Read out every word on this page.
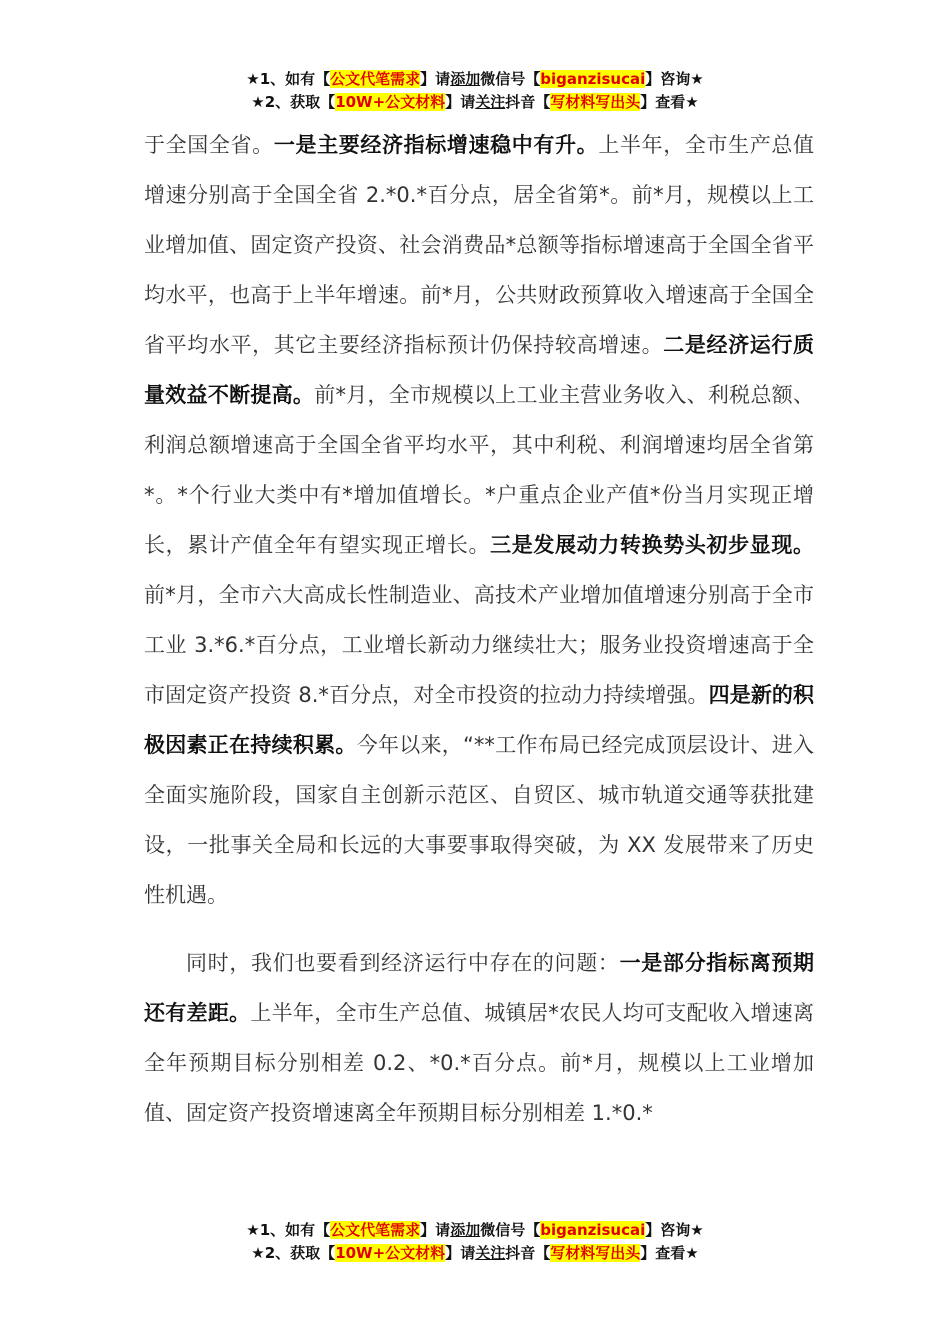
★1、如有【公文代笔需求】请添加微信号【biganzisucai】咨询★
★2、获取【10W+公文材料】请关注抖音【写材料写出头】查看★

于全国全省。一是主要经济指标增速稳中有升。上半年，全市生产总值增速分别高于全国全省 2.*0.*百分点，居全省第*。前*月，规模以上工业增加值、固定资产投资、社会消费品*总额等指标增速高于全国全省平均水平，也高于上半年增速。前*月，公共财政预算收入增速高于全国全省平均水平，其它主要经济指标预计仍保持较高增速。二是经济运行质量效益不断提高。前*月，全市规模以上工业主营业务收入、利税总额、利润总额增速高于全国全省平均水平，其中利税、利润增速均居全省第*。*个行业大类中有*增加值增长。*户重点企业产值*份当月实现正增长，累计产值全年有望实现正增长。三是发展动力转换势头初步显现。前*月，全市六大高成长性制造业、高技术产业增加值增速分别高于全市工业 3.*6.*百分点，工业增长新动力继续壮大；服务业投资增速高于全市固定资产投资 8.*百分点，对全市投资的拉动力持续增强。四是新的积极因素正在持续积累。今年以来，“**工作布局已经完成顶层设计、进入全面实施阶段，国家自主创新示范区、自贸区、城市轨道交通等获批建设，一批事关全局和长远的大事要事取得突破，为 XX 发展带来了历史性机遇。

同时，我们也要看到经济运行中存在的问题：一是部分指标离预期还有差距。上半年，全市生产总值、城镇居*农民人均可支配收入增速离全年预期目标分别相差 0.2、*0.*百分点。前*月，规模以上工业增加值、固定资产投资增速离全年预期目标分别相差 1.*0.*

★1、如有【公文代笔需求】请添加微信号【biganzisucai】咨询★
★2、获取【10W+公文材料】请关注抖音【写材料写出头】查看★
